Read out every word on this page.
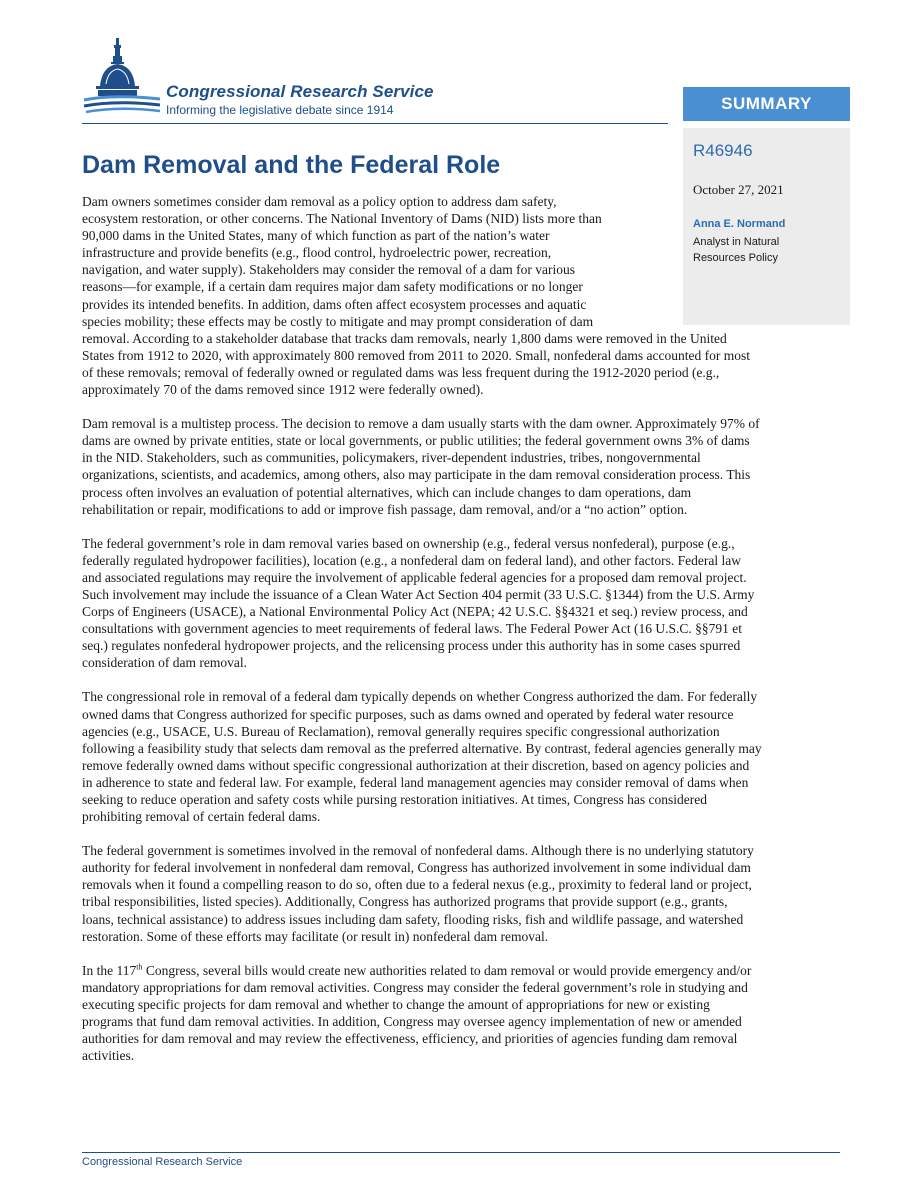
Congressional Research Service
Informing the legislative debate since 1914	SUMMARY
R46946
October 27, 2021
Anna E. Normand
Analyst in Natural
Resources Policy
Dam Removal and the Federal Role

Dam owners sometimes consider dam removal as a policy option to address dam safety,
ecosystem restoration, or other concerns. The National Inventory of Dams (NID) lists more than
90,000 dams in the United States, many of which function as part of the nation’s water
infrastructure and provide benefits (e.g., flood control, hydroelectric power, recreation,
navigation, and water supply). Stakeholders may consider the removal of a dam for various
reasons—for example, if a certain dam requires major dam safety modifications or no longer
provides its intended benefits. In addition, dams often affect ecosystem processes and aquatic
species mobility; these effects may be costly to mitigate and may prompt consideration of dam
removal. According to a stakeholder database that tracks dam removals, nearly 1,800 dams were removed in the United
States from 1912 to 2020, with approximately 800 removed from 2011 to 2020. Small, nonfederal dams accounted for most
of these removals; removal of federally owned or regulated dams was less frequent during the 1912-2020 period (e.g.,
approximately 70 of the dams removed since 1912 were federally owned).

Dam removal is a multistep process. The decision to remove a dam usually starts with the dam owner. Approximately 97% of
dams are owned by private entities, state or local governments, or public utilities; the federal government owns 3% of dams
in the NID. Stakeholders, such as communities, policymakers, river-dependent industries, tribes, nongovernmental
organizations, scientists, and academics, among others, also may participate in the dam removal consideration process. This
process often involves an evaluation of potential alternatives, which can include changes to dam operations, dam
rehabilitation or repair, modifications to add or improve fish passage, dam removal, and/or a “no action” option.

The federal government’s role in dam removal varies based on ownership (e.g., federal versus nonfederal), purpose (e.g.,
federally regulated hydropower facilities), location (e.g., a nonfederal dam on federal land), and other factors. Federal law
and associated regulations may require the involvement of applicable federal agencies for a proposed dam removal project.
Such involvement may include the issuance of a Clean Water Act Section 404 permit (33 U.S.C. §1344) from the U.S. Army
Corps of Engineers (USACE), a National Environmental Policy Act (NEPA; 42 U.S.C. §§4321 et seq.) review process, and
consultations with government agencies to meet requirements of federal laws. The Federal Power Act (16 U.S.C. §§791 et
seq.) regulates nonfederal hydropower projects, and the relicensing process under this authority has in some cases spurred
consideration of dam removal.

The congressional role in removal of a federal dam typically depends on whether Congress authorized the dam. For federally
owned dams that Congress authorized for specific purposes, such as dams owned and operated by federal water resource
agencies (e.g., USACE, U.S. Bureau of Reclamation), removal generally requires specific congressional authorization
following a feasibility study that selects dam removal as the preferred alternative. By contrast, federal agencies generally may
remove federally owned dams without specific congressional authorization at their discretion, based on agency policies and
in adherence to state and federal law. For example, federal land management agencies may consider removal of dams when
seeking to reduce operation and safety costs while pursing restoration initiatives. At times, Congress has considered
prohibiting removal of certain federal dams.

The federal government is sometimes involved in the removal of nonfederal dams. Although there is no underlying statutory
authority for federal involvement in nonfederal dam removal, Congress has authorized involvement in some individual dam
removals when it found a compelling reason to do so, often due to a federal nexus (e.g., proximity to federal land or project,
tribal responsibilities, listed species). Additionally, Congress has authorized programs that provide support (e.g., grants,
loans, technical assistance) to address issues including dam safety, flooding risks, fish and wildlife passage, and watershed
restoration. Some of these efforts may facilitate (or result in) nonfederal dam removal.

In the 117th Congress, several bills would create new authorities related to dam removal or would provide emergency and/or
mandatory appropriations for dam removal activities. Congress may consider the federal government’s role in studying and
executing specific projects for dam removal and whether to change the amount of appropriations for new or existing
programs that fund dam removal activities. In addition, Congress may oversee agency implementation of new or amended
authorities for dam removal and may review the effectiveness, efficiency, and priorities of agencies funding dam removal
activities.

Congressional Research Service
